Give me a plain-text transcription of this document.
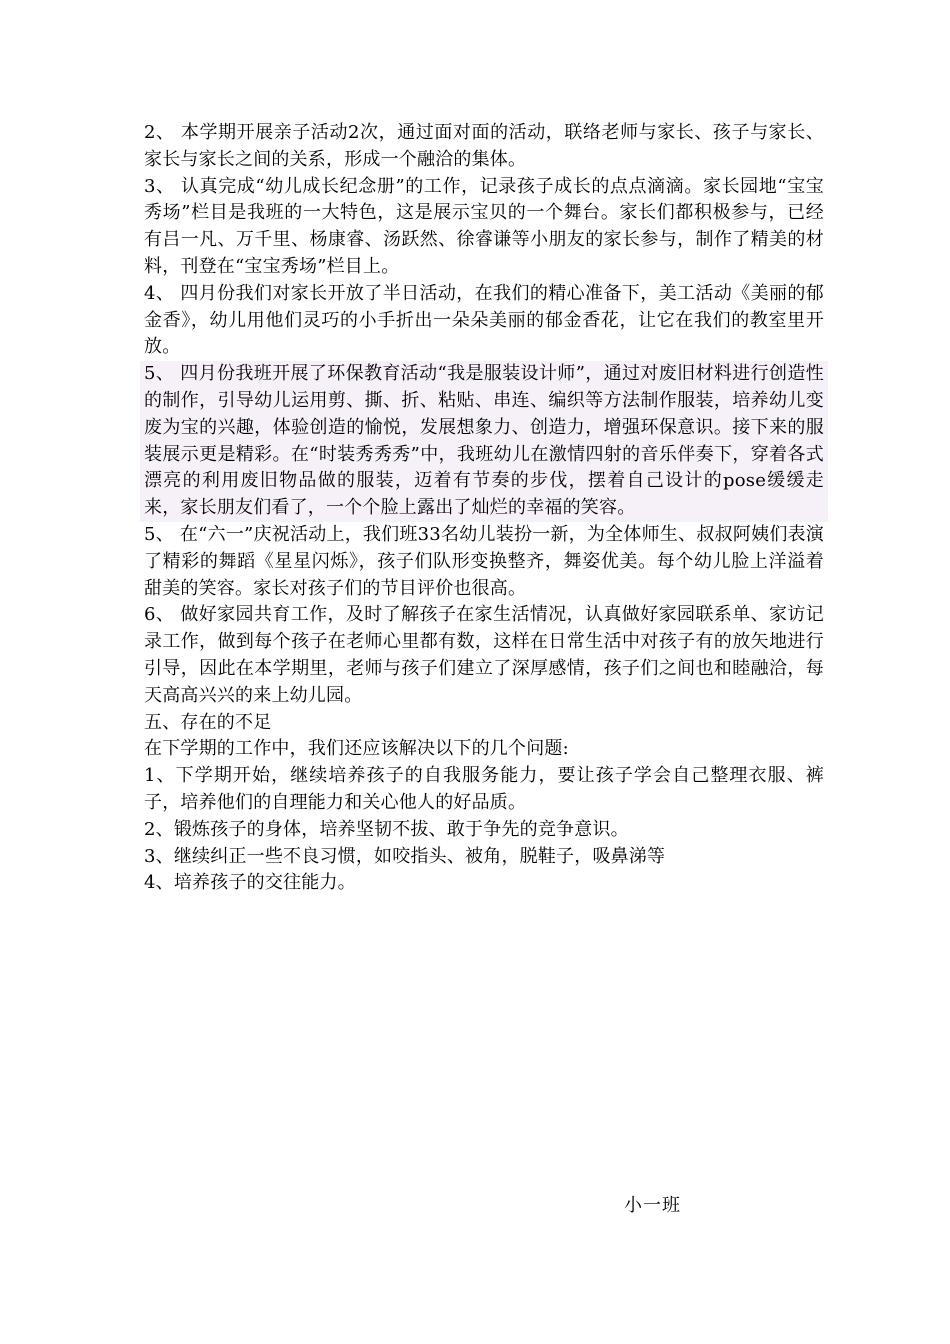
2、 本学期开展亲子活动2次，通过面对面的活动，联络老师与家长、孩子与家长、家长与家长之间的关系，形成一个融洽的集体。

3、 认真完成“幼儿成长纪念册”的工作，记录孩子成长的点点滴滴。家长园地“宝宝秀场”栏目是我班的一大特色，这是展示宝贝的一个舞台。家长们都积极参与，已经有吕一凡、万千里、杨康睿、汤跃然、徐睿谦等小朋友的家长参与，制作了精美的材料，刊登在“宝宝秀场”栏目上。

4、 四月份我们对家长开放了半日活动，在我们的精心准备下，美工活动《美丽的郁金香》，幼儿用他们灵巧的小手折出一朵朵美丽的郁金香花，让它在我们的教室里开放。

5、 四月份我班开展了环保教育活动“我是服装设计师”，通过对废旧材料进行创造性的制作，引导幼儿运用剪、撕、折、粘贴、串连、编织等方法制作服装，培养幼儿变废为宝的兴趣，体验创造的愉悦，发展想象力、创造力，增强环保意识。接下来的服装展示更是精彩。在“时装秀秀秀”中，我班幼儿在激情四射的音乐伴奏下，穿着各式漂亮的利用废旧物品做的服装，迈着有节奏的步伐，摆着自己设计的pose缓缓走来，家长朋友们看了，一个个脸上露出了灿烂的幸福的笑容。

5、 在“六一”庆祝活动上，我们班33名幼儿装扮一新，为全体师生、叔叔阿姨们表演了精彩的舞蹈《星星闪烁》，孩子们队形变换整齐，舞姿优美。每个幼儿脸上洋溢着甜美的笑容。家长对孩子们的节目评价也很高。

6、 做好家园共育工作，及时了解孩子在家生活情况，认真做好家园联系单、家访记录工作，做到每个孩子在老师心里都有数，这样在日常生活中对孩子有的放矢地进行引导，因此在本学期里，老师与孩子们建立了深厚感情，孩子们之间也和睦融洽，每天高高兴兴的来上幼儿园。

五、存在的不足

在下学期的工作中，我们还应该解决以下的几个问题:

1、下学期开始，继续培养孩子的自我服务能力，要让孩子学会自己整理衣服、裤子，培养他们的自理能力和关心他人的好品质。

2、锻炼孩子的身体，培养坚韧不拔、敢于争先的竞争意识。

3、继续纠正一些不良习惯，如咬指头、被角，脱鞋子，吸鼻涕等

4、培养孩子的交往能力。

小一班
